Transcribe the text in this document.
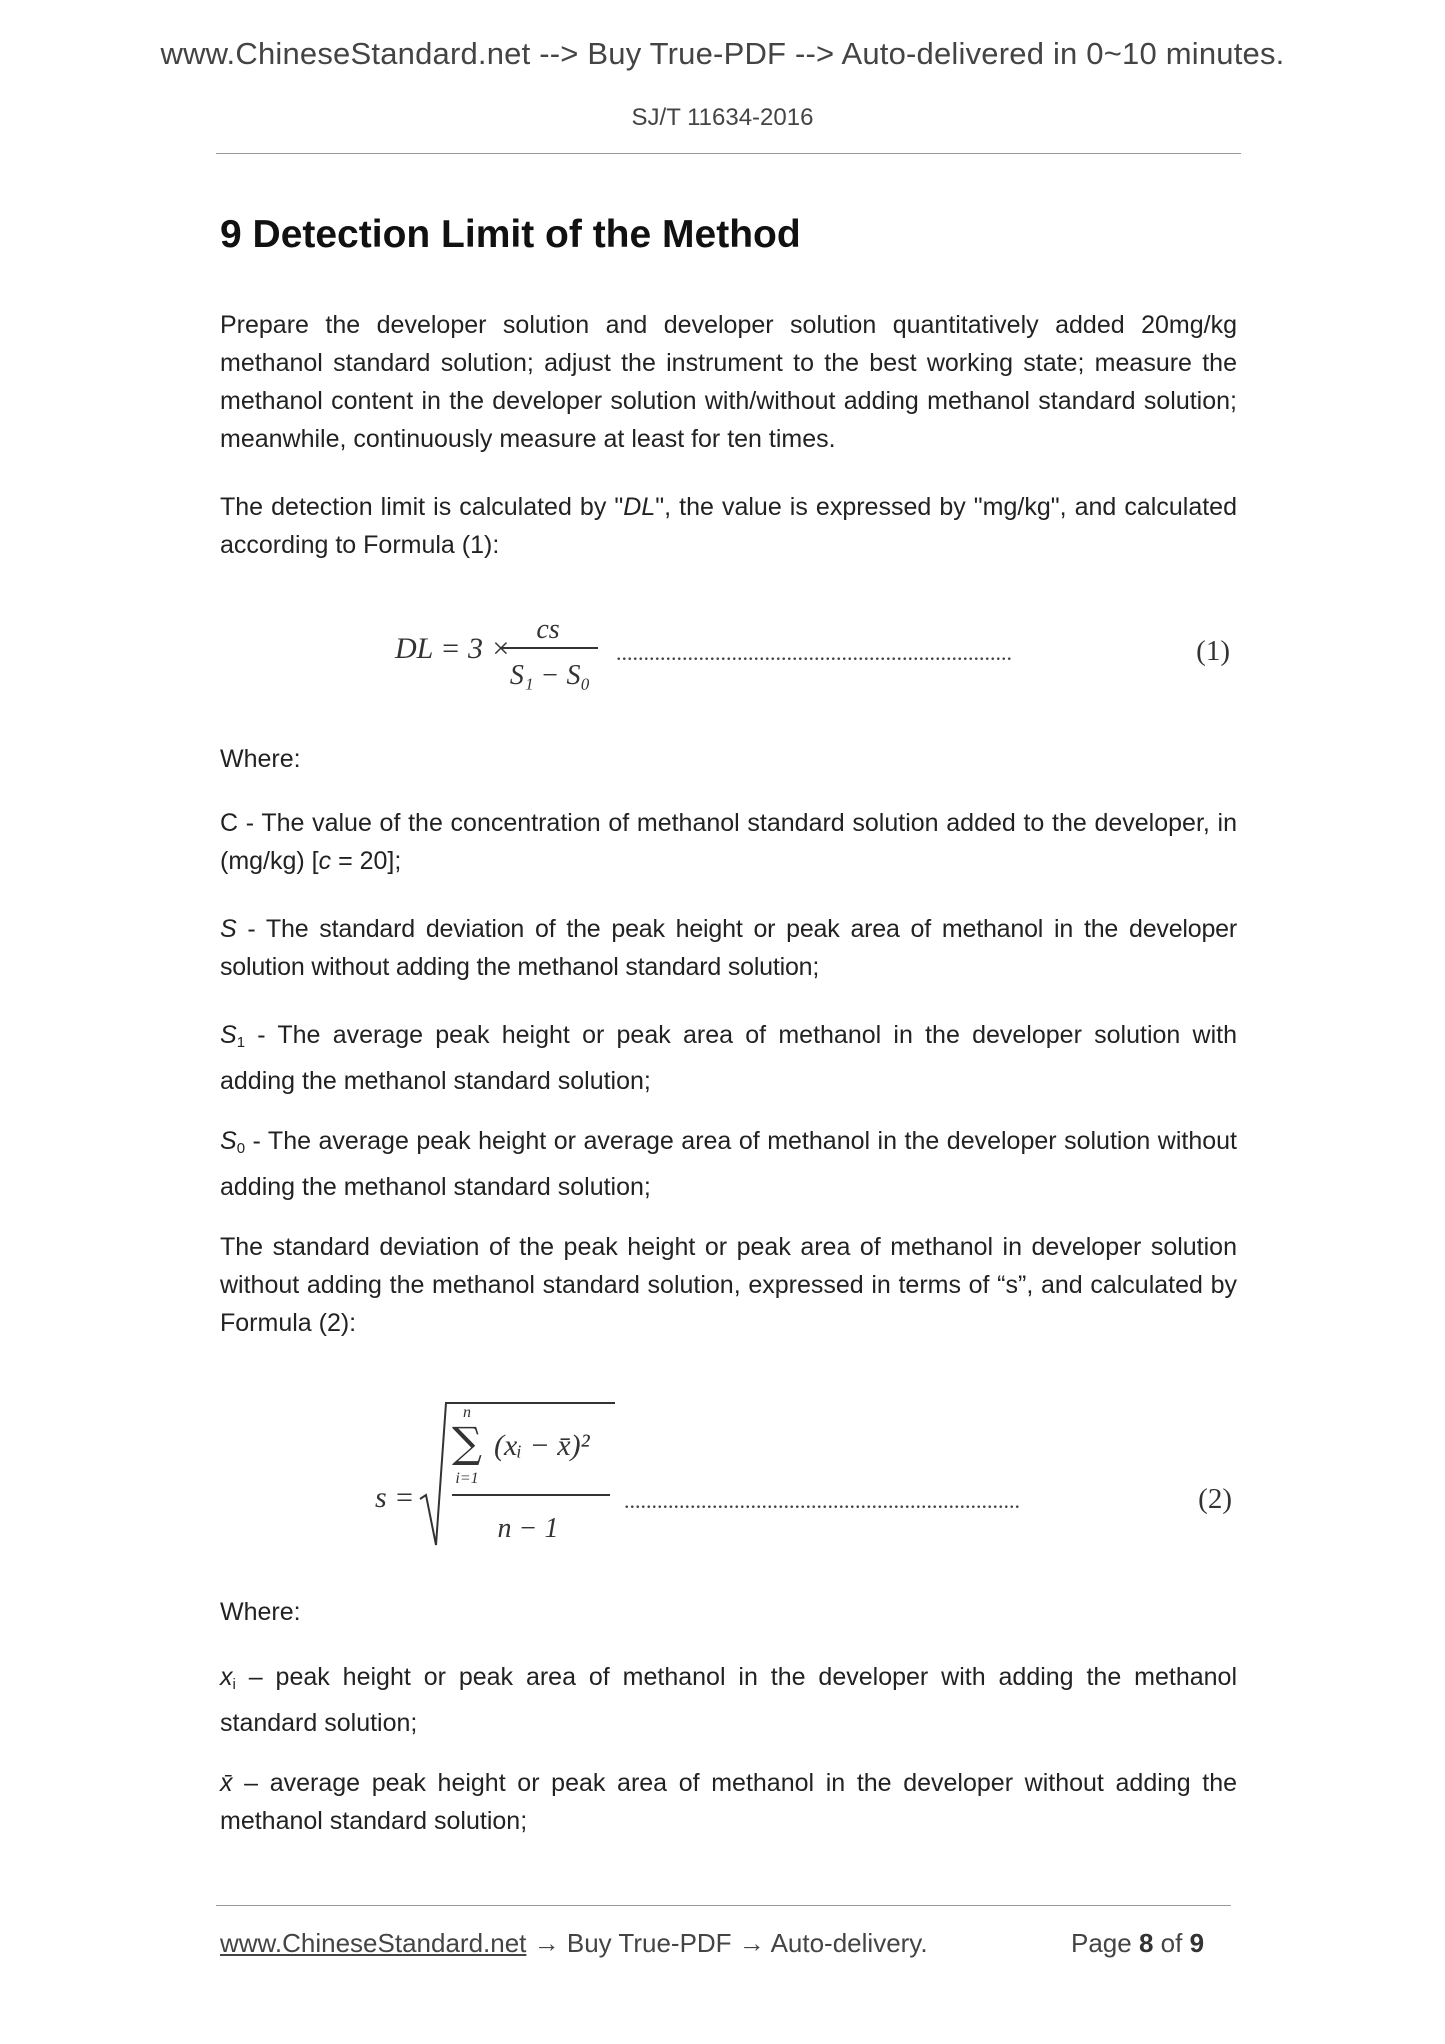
www.ChineseStandard.net --> Buy True-PDF --> Auto-delivered in 0~10 minutes.
SJ/T 11634-2016
9 Detection Limit of the Method

Prepare the developer solution and developer solution quantitatively added 20mg/kg methanol standard solution; adjust the instrument to the best working state; measure the methanol content in the developer solution with/without adding methanol standard solution; meanwhile, continuously measure at least for ten times.

The detection limit is calculated by "DL", the value is expressed by "mg/kg", and calculated according to Formula (1):

DL = 3 ×
cs
S₁ − S₀
........................................................................	(1)

Where:

C - The value of the concentration of methanol standard solution added to the developer, in (mg/kg) [c = 20];

S - The standard deviation of the peak height or peak area of methanol in the developer solution without adding the methanol standard solution;

$S_1$ - The average peak height or peak area of methanol in the developer solution with adding the methanol standard solution;

$S_0$ - The average peak height or average area of methanol in the developer solution without adding the methanol standard solution;

The standard deviation of the peak height or peak area of methanol in developer solution without adding the methanol standard solution, expressed in terms of “s”, and calculated by Formula (2):

s =
n
∑
i=1
(xᵢ − x̄)²
n − 1
........................................................................	(2)

Where:

$x_i$ – peak height or peak area of methanol in the developer with adding the methanol standard solution;

x̄ – average peak height or peak area of methanol in the developer without adding the methanol standard solution;

www.ChineseStandard.net → Buy True-PDF → Auto-delivery.	Page 8 of 9
